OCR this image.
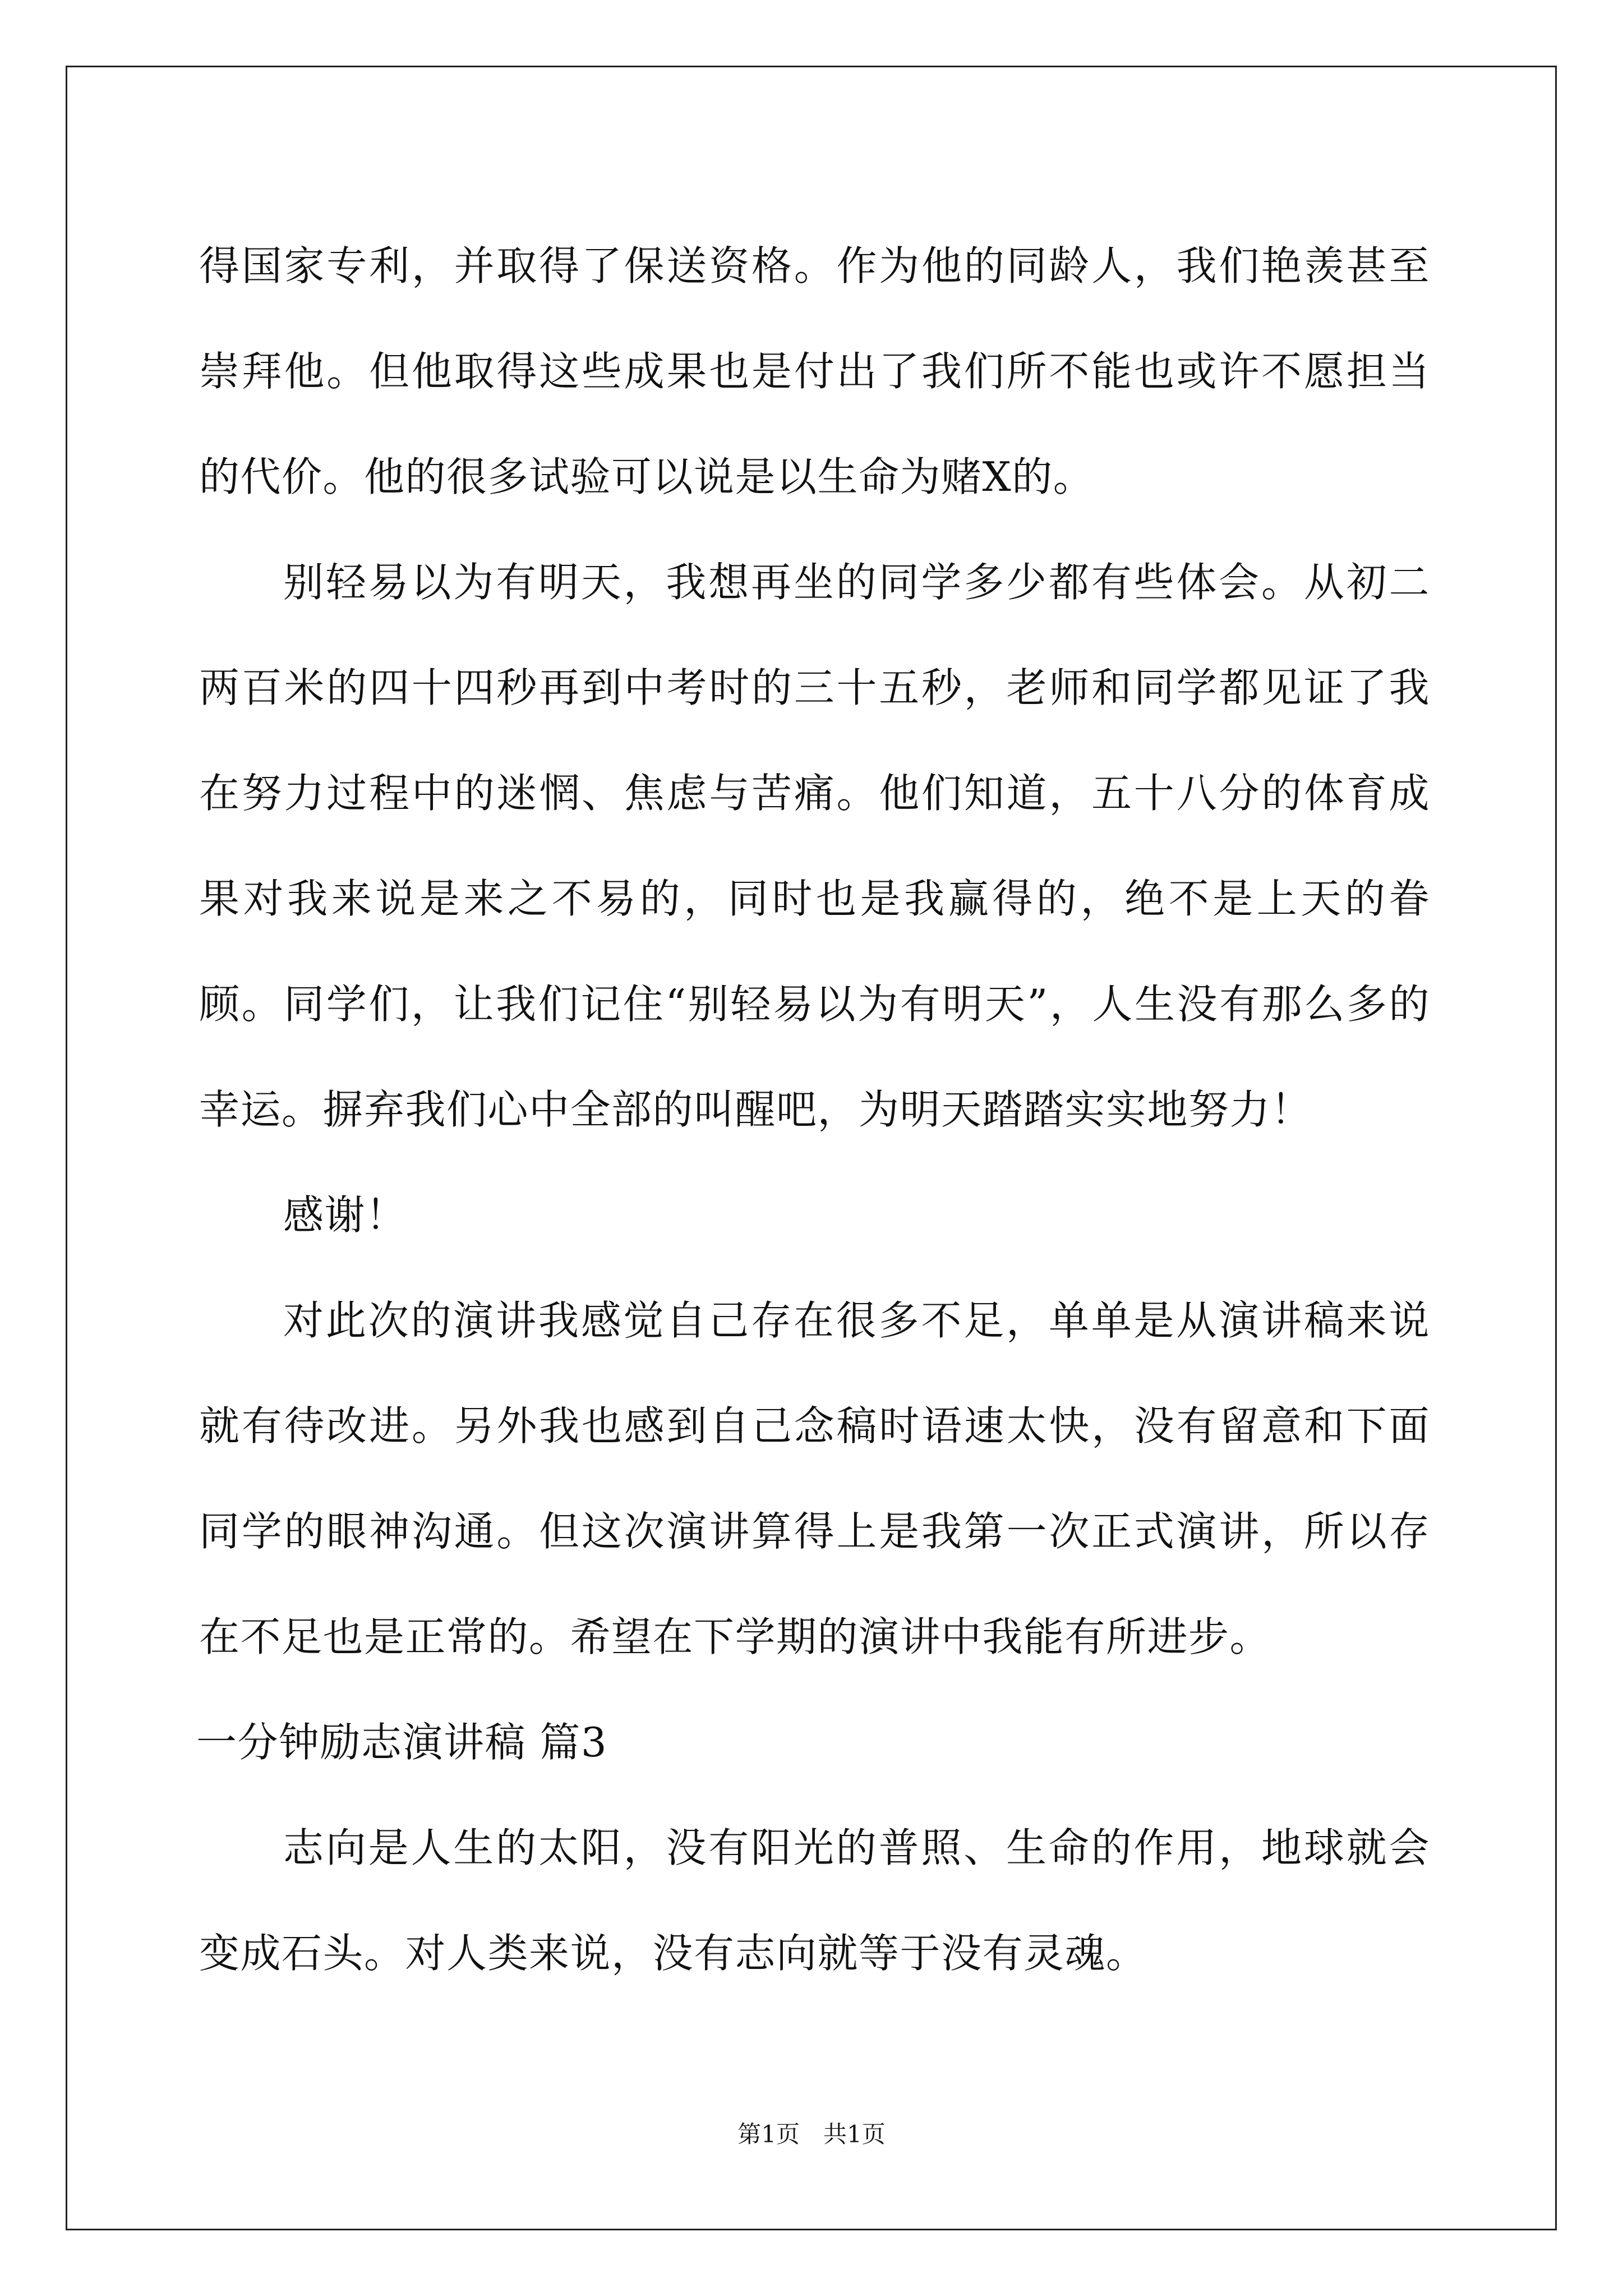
得国家专利，并取得了保送资格。作为他的同龄人，我们艳羡甚至崇拜他。但他取得这些成果也是付出了我们所不能也或许不愿担当的代价。他的很多试验可以说是以生命为赌X的。

别轻易以为有明天，我想再坐的同学多少都有些体会。从初二两百米的四十四秒再到中考时的三十五秒，老师和同学都见证了我在努力过程中的迷惘、焦虑与苦痛。他们知道，五十八分的体育成果对我来说是来之不易的，同时也是我赢得的，绝不是上天的眷顾。同学们，让我们记住“别轻易以为有明天”，人生没有那么多的幸运。摒弃我们心中全部的叫醒吧，为明天踏踏实实地努力！

感谢！

对此次的演讲我感觉自己存在很多不足，单单是从演讲稿来说就有待改进。另外我也感到自己念稿时语速太快，没有留意和下面同学的眼神沟通。但这次演讲算得上是我第一次正式演讲，所以存在不足也是正常的。希望在下学期的演讲中我能有所进步。

一分钟励志演讲稿 篇3

志向是人生的太阳，没有阳光的普照、生命的作用，地球就会变成石头。对人类来说，没有志向就等于没有灵魂。

第1页　共1页
